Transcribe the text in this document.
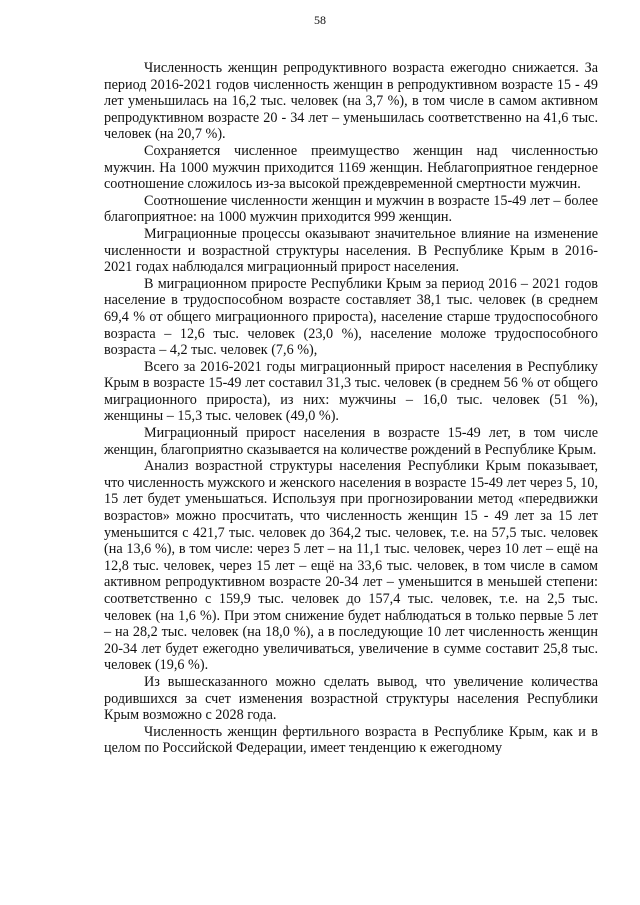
58

Численность женщин репродуктивного возраста ежегодно снижается. За период 2016-2021 годов численность женщин в репродуктивном возрасте 15 - 49 лет уменьшилась на 16,2 тыс. человек (на 3,7 %), в том числе в самом активном репродуктивном возрасте 20 - 34 лет – уменьшилась соответственно на 41,6 тыс. человек (на 20,7 %).

Сохраняется численное преимущество женщин над численностью мужчин. На 1000 мужчин приходится 1169 женщин. Неблагоприятное гендерное соотношение сложилось из-за высокой преждевременной смертности мужчин.

Соотношение численности женщин и мужчин в возрасте 15-49 лет – более благоприятное: на 1000 мужчин приходится 999 женщин.

Миграционные процессы оказывают значительное влияние на изменение численности и возрастной структуры населения. В Республике Крым в 2016-2021 годах наблюдался миграционный прирост населения.

В миграционном приросте Республики Крым за период 2016 – 2021 годов население в трудоспособном возрасте составляет 38,1 тыс. человек (в среднем 69,4 % от общего миграционного прироста), население старше трудоспособного возраста – 12,6 тыс. человек (23,0 %), население моложе трудоспособного возраста – 4,2 тыс. человек (7,6 %),

Всего за 2016-2021 годы миграционный прирост населения в Республику Крым в возрасте 15-49 лет составил 31,3 тыс. человек (в среднем 56 % от общего миграционного прироста), из них: мужчины – 16,0 тыс. человек (51 %), женщины – 15,3 тыс. человек (49,0 %).

Миграционный прирост населения в возрасте 15-49 лет, в том числе женщин, благоприятно сказывается на количестве рождений в Республике Крым.

Анализ возрастной структуры населения Республики Крым показывает, что численность мужского и женского населения в возрасте 15-49 лет через 5, 10, 15 лет будет уменьшаться. Используя при прогнозировании метод «передвижки возрастов» можно просчитать, что численность женщин 15 - 49 лет за 15 лет уменьшится с 421,7 тыс. человек до 364,2 тыс. человек, т.е. на 57,5 тыс. человек (на 13,6 %), в том числе: через 5 лет – на 11,1 тыс. человек, через 10 лет – ещё на 12,8 тыс. человек, через 15 лет – ещё на 33,6 тыс. человек, в том числе в самом активном репродуктивном возрасте 20-34 лет – уменьшится в меньшей степени: соответственно с 159,9 тыс. человек до 157,4 тыс. человек, т.е. на 2,5 тыс. человек (на 1,6 %). При этом снижение будет наблюдаться в только первые 5 лет – на 28,2 тыс. человек (на 18,0 %), а в последующие 10 лет численность женщин 20-34 лет будет ежегодно увеличиваться, увеличение в сумме составит 25,8 тыс. человек (19,6 %).

Из вышесказанного можно сделать вывод, что увеличение количества родившихся за счет изменения возрастной структуры населения Республики Крым возможно с 2028 года.

Численность женщин фертильного возраста в Республике Крым, как и в целом по Российской Федерации, имеет тенденцию к ежегодному
